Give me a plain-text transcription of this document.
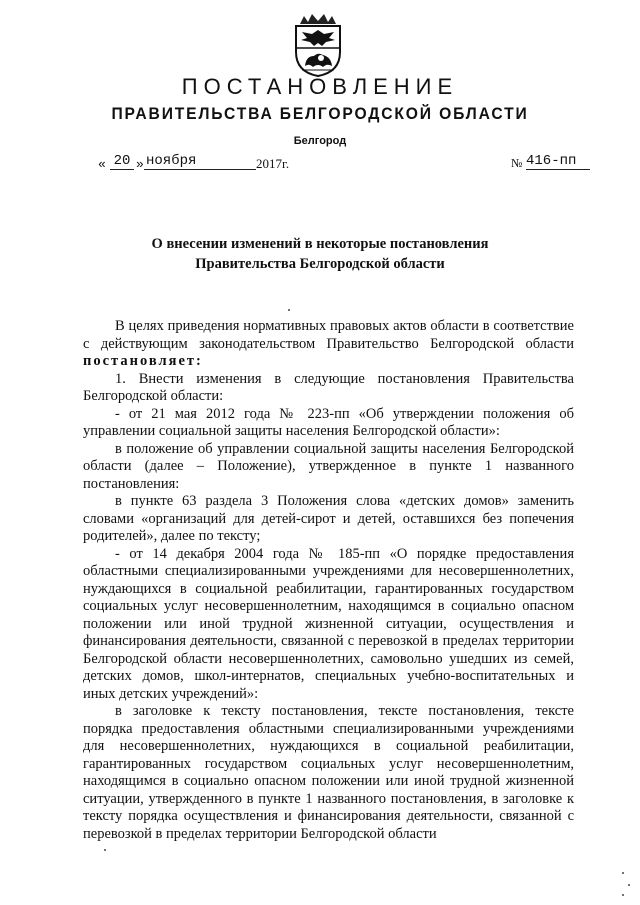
ПОСТАНОВЛЕНИЕ
ПРАВИТЕЛЬСТВА БЕЛГОРОДСКОЙ ОБЛАСТИ
Белгород
« 20 » ноября	2017г.	№ 416-пп
О внесении изменений в некоторые постановления
Правительства Белгородской области

В целях приведения нормативных правовых актов области в соответствие с действующим законодательством Правительство Белгородской области постановляет:

1. Внести изменения в следующие постановления Правительства Белгородской области:

- от 21 мая 2012 года № 223-пп «Об утверждении положения об управлении социальной защиты населения Белгородской области»:

в положение об управлении социальной защиты населения Белгородской области (далее – Положение), утвержденное в пункте 1 названного постановления:

в пункте 63 раздела 3 Положения слова «детских домов» заменить словами «организаций для детей-сирот и детей, оставшихся без попечения родителей», далее по тексту;

- от 14 декабря 2004 года № 185-пп «О порядке предоставления областными специализированными учреждениями для несовершеннолетних, нуждающихся в социальной реабилитации, гарантированных государством социальных услуг несовершеннолетним, находящимся в социально опасном положении или иной трудной жизненной ситуации, осуществления и финансирования деятельности, связанной с перевозкой в пределах территории Белгородской области несовершеннолетних, самовольно ушедших из семей, детских домов, школ-интернатов, специальных учебно-воспитательных и иных детских учреждений»:

в заголовке к тексту постановления, тексте постановления, тексте порядка предоставления областными специализированными учреждениями для несовершеннолетних, нуждающихся в социальной реабилитации, гарантированных государством социальных услуг несовершеннолетним, находящимся в социально опасном положении или иной трудной жизненной ситуации, утвержденного в пункте 1 названного постановления, в заголовке к тексту порядка осуществления и финансирования деятельности, связанной с перевозкой в пределах территории Белгородской области
